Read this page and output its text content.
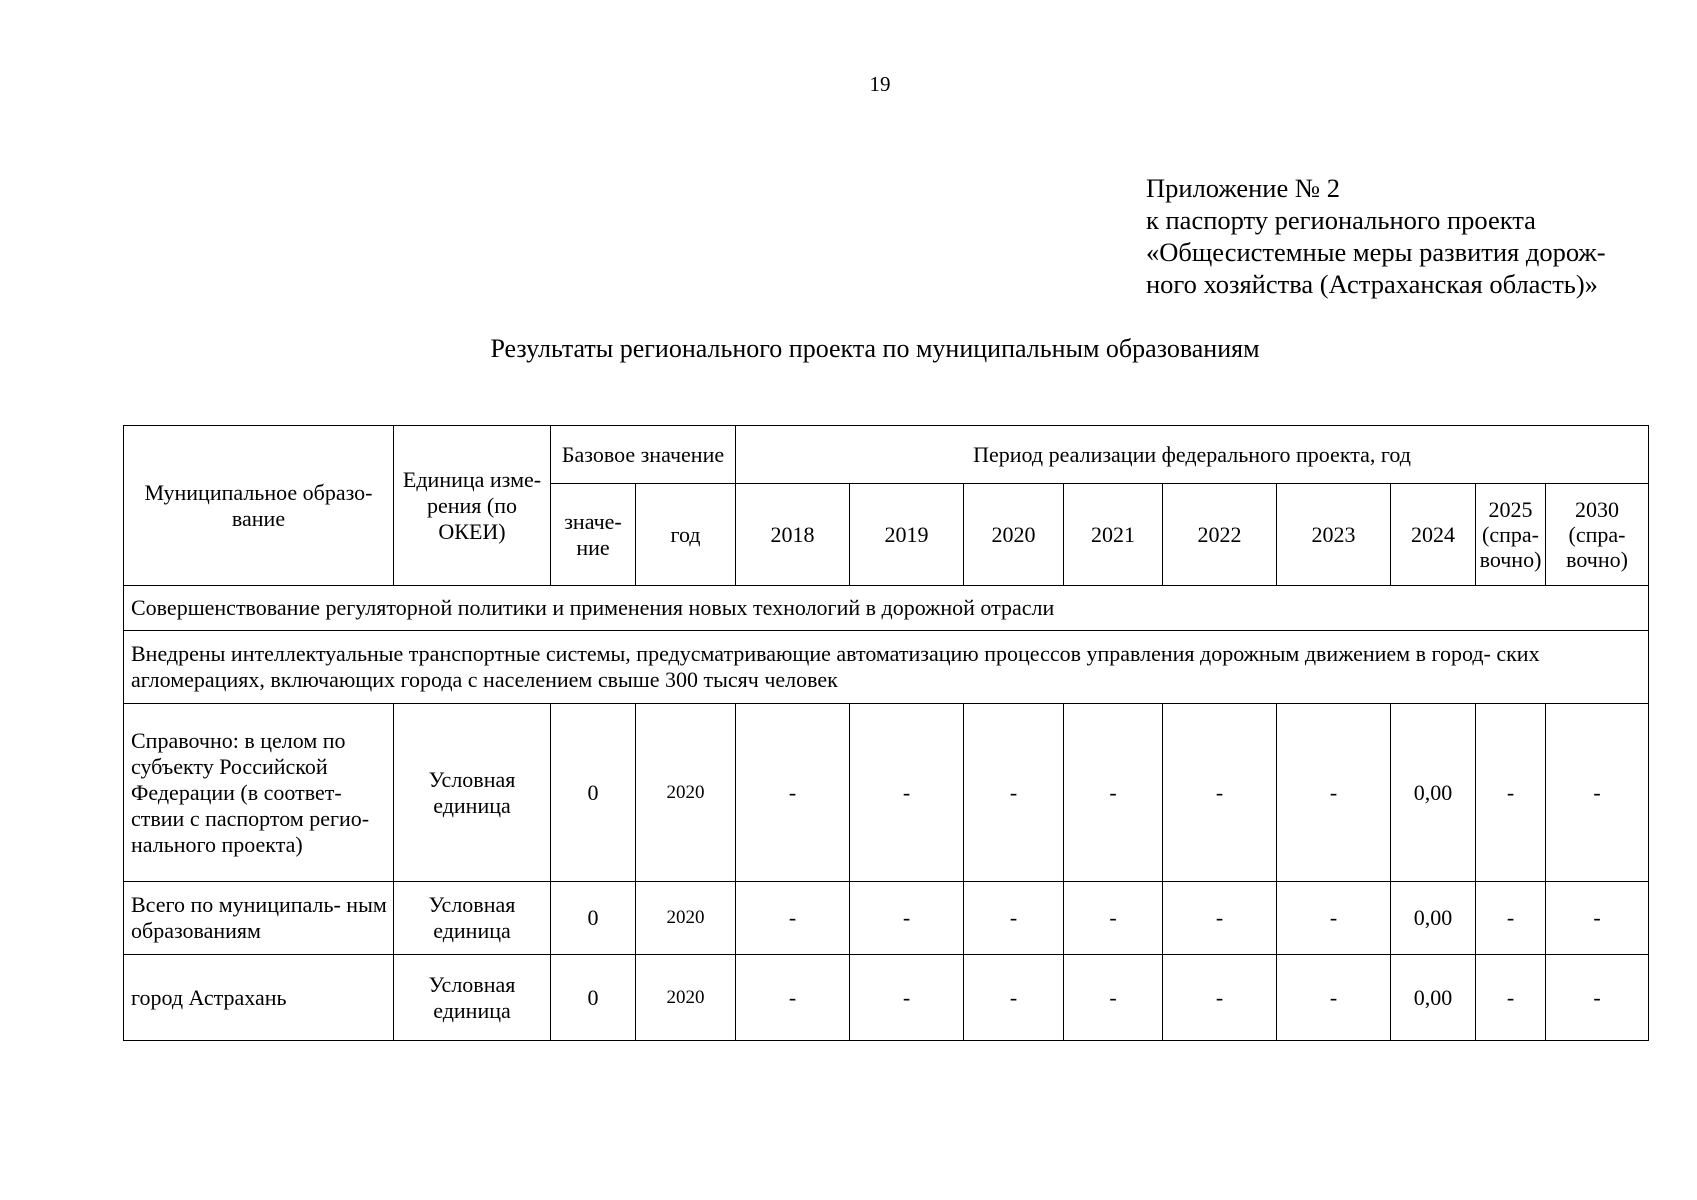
19
Приложение № 2
к паспорту регионального проекта
«Общесистемные меры развития дорож-
ного хозяйства (Астраханская область)»
Результаты регионального проекта по муниципальным образованиям
Муниципальное образо- вание	Единица изме- рения (по ОКЕИ)	Базовое значение		Период реализации федерального проекта, год								
		значе- ние	год	2018	2019	2020	2021	2022	2023	2024	2025 (спра- вочно)	2030 (спра- вочно)
Совершенствование регуляторной политики и применения новых технологий в дорожной отрасли												
Внедрены интеллектуальные транспортные системы, предусматривающие автоматизацию процессов управления дорожным движением в город- ских агломерациях, включающих города с населением свыше 300 тысяч человек												
Справочно: в целом по субъекту Российской Федерации (в соответ- ствии с паспортом регио- нального проекта)	Условная единица	0	2020	-	-	-	-	-	-	0,00	-	-
Всего по муниципаль- ным образованиям	Условная единица	0	2020	-	-	-	-	-	-	0,00	-	-
город Астрахань	Условная единица	0	2020	-	-	-	-	-	-	0,00	-	-
